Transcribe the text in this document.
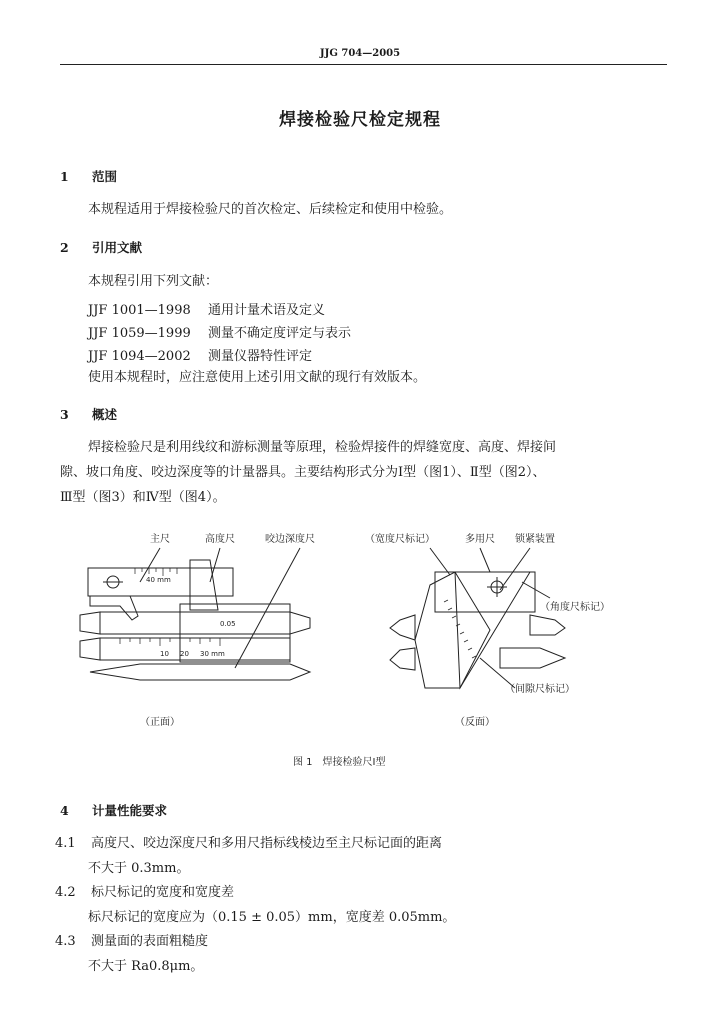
JJG 704—2005
焊接检验尺检定规程
1 范围
本规程适用于焊接检验尺的首次检定、后续检定和使用中检验。
2 引用文献
本规程引用下列文献：
JJF 1001—1998 通用计量术语及定义
JJF 1059—1999 测量不确定度评定与表示
JJF 1094—2002 测量仪器特性评定
使用本规程时，应注意使用上述引用文献的现行有效版本。
3 概述
焊接检验尺是利用线纹和游标测量等原理，检验焊接件的焊缝宽度、高度、焊接间
隙、坡口角度、咬边深度等的计量器具。主要结构形式分为Ⅰ型（图1）、Ⅱ型（图2）、
Ⅲ型（图3）和Ⅳ型（图4）。
主尺	高度尺	咬边深度尺
40 mm
0.05
10 20 30 mm
（宽度尺标记）	多用尺 锁紧装置
（角度尺标记）
（间隙尺标记）
（正面）	（反面）
图 1　焊接检验尺Ⅰ型
4 计量性能要求
4.1 高度尺、咬边深度尺和多用尺指标线棱边至主尺标记面的距离
不大于 0.3mm。
4.2 标尺标记的宽度和宽度差
标尺标记的宽度应为（0.15 ± 0.05）mm，宽度差 0.05mm。
4.3 测量面的表面粗糙度
不大于 Ra0.8μm。
